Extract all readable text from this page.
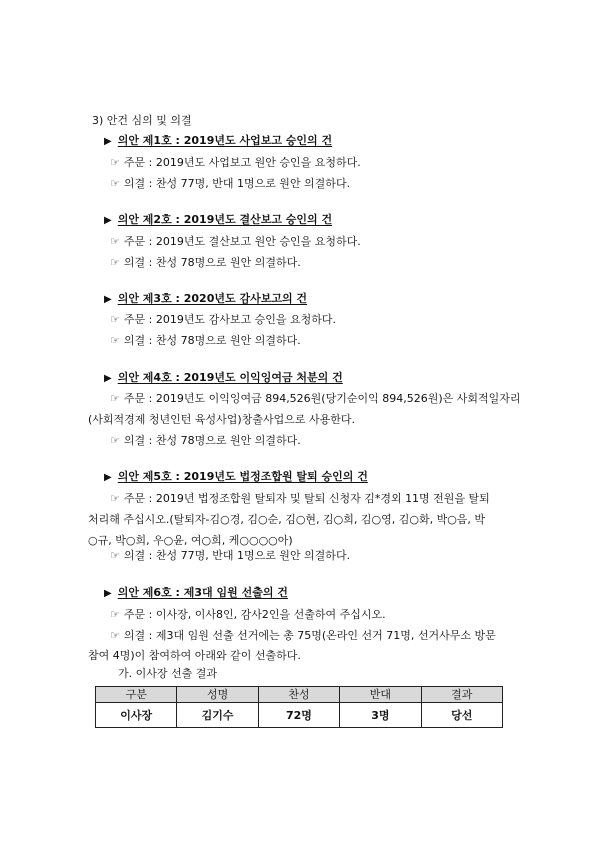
3) 안건 심의 및 의결
▶ 의안 제1호 : 2019년도 사업보고 승인의 건
☞ 주문 : 2019년도 사업보고 원안 승인을 요청하다.
☞ 의결 : 찬성 77명, 반대 1명으로 원안 의결하다.
▶ 의안 제2호 : 2019년도 결산보고 승인의 건
☞ 주문 : 2019년도 결산보고 원안 승인을 요청하다.
☞ 의결 : 찬성 78명으로 원안 의결하다.
▶ 의안 제3호 : 2020년도 감사보고의 건
☞ 주문 : 2019년도 감사보고 승인을 요청하다.
☞ 의결 : 찬성 78명으로 원안 의결하다.
▶ 의안 제4호 : 2019년도 이익잉여금 처분의 건
☞ 주문 : 2019년도 이익잉여금 894,526원(당기순이익 894,526원)은 사회적일자리
(사회적경제 청년인턴 육성사업)창출사업으로 사용한다.
☞ 의결 : 찬성 78명으로 원안 의결하다.
▶ 의안 제5호 : 2019년도 법정조합원 탈퇴 승인의 건
☞ 주문 : 2019년 법정조합원 탈퇴자 및 탈퇴 신청자 김*경외 11명 전원을 탈퇴
처리해 주십시오.(탈퇴자-김○경, 김○순, 김○현, 김○희, 김○영, 김○화, 박○음, 박
○규, 박○희, 우○윤, 여○희, 케○○○○아)
☞ 의결 : 찬성 77명, 반대 1명으로 원안 의결하다.
▶ 의안 제6호 : 제3대 임원 선출의 건
☞ 주문 : 이사장, 이사8인, 감사2인을 선출하여 주십시오.
☞ 의결 : 제3대 임원 선출 선거에는 총 75명(온라인 선거 71명, 선거사무소 방문
참여 4명)이 참여하여 아래와 같이 선출하다.
가. 이사장 선출 결과
구분	성명	찬성	반대	결과
이사장	김기수	72명	3명	당선
